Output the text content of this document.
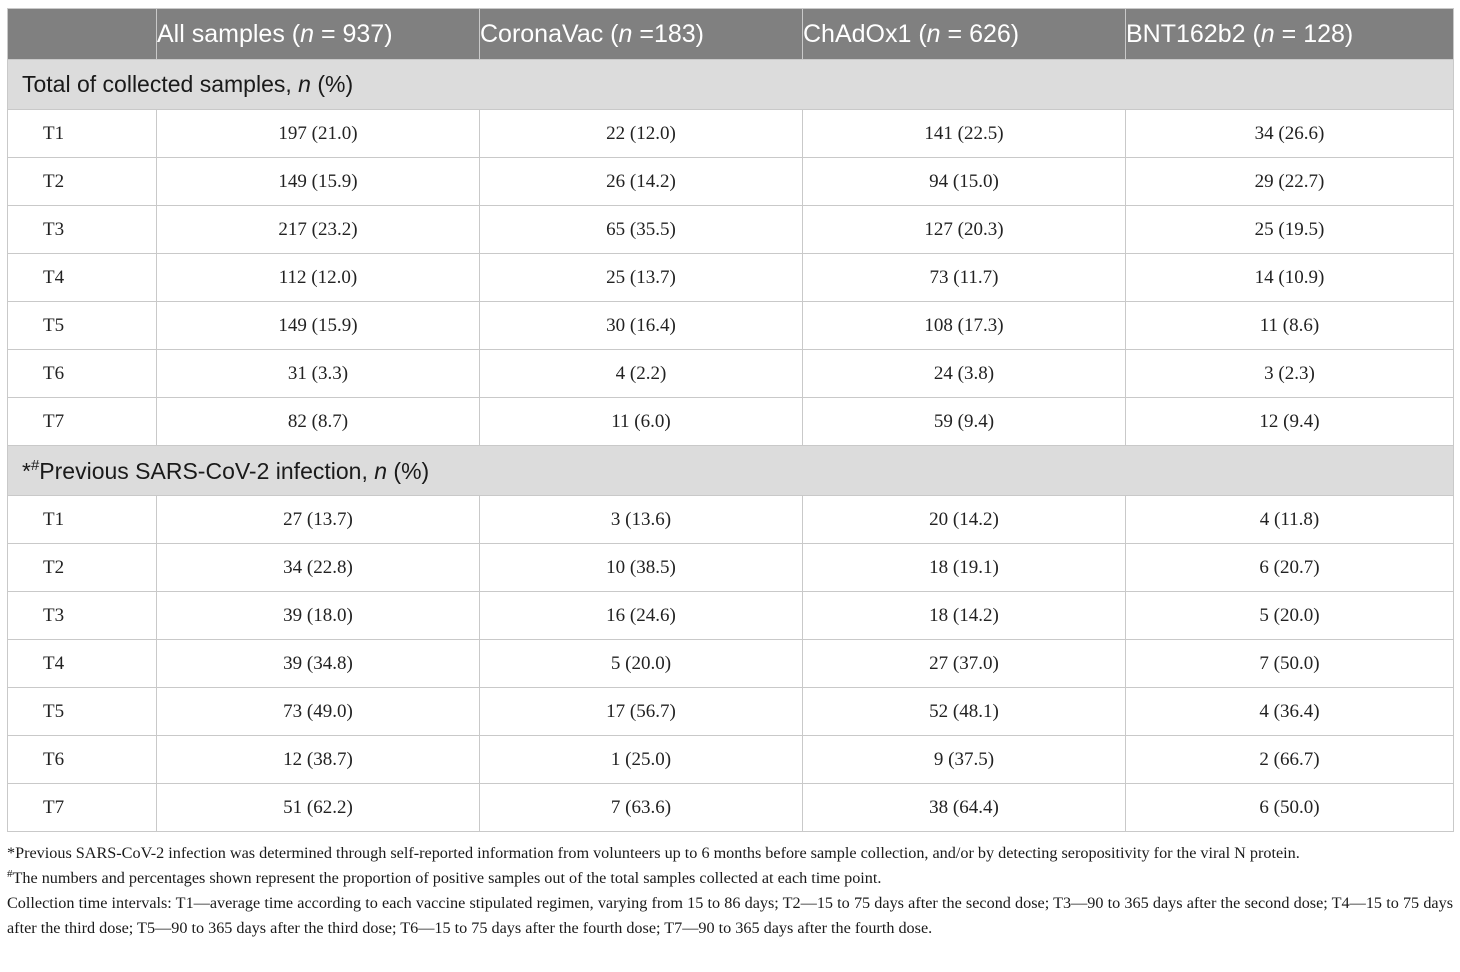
	All samples (n = 937)	CoronaVac (n =183)	ChAdOx1 (n = 626)	BNT162b2 (n = 128)
Total of collected samples, n (%)				
T1	197 (21.0)	22 (12.0)	141 (22.5)	34 (26.6)
T2	149 (15.9)	26 (14.2)	94 (15.0)	29 (22.7)
T3	217 (23.2)	65 (35.5)	127 (20.3)	25 (19.5)
T4	112 (12.0)	25 (13.7)	73 (11.7)	14 (10.9)
T5	149 (15.9)	30 (16.4)	108 (17.3)	11 (8.6)
T6	31 (3.3)	4 (2.2)	24 (3.8)	3 (2.3)
T7	82 (8.7)	11 (6.0)	59 (9.4)	12 (9.4)
*#Previous SARS-CoV-2 infection, n (%)				
T1	27 (13.7)	3 (13.6)	20 (14.2)	4 (11.8)
T2	34 (22.8)	10 (38.5)	18 (19.1)	6 (20.7)
T3	39 (18.0)	16 (24.6)	18 (14.2)	5 (20.0)
T4	39 (34.8)	5 (20.0)	27 (37.0)	7 (50.0)
T5	73 (49.0)	17 (56.7)	52 (48.1)	4 (36.4)
T6	12 (38.7)	1 (25.0)	9 (37.5)	2 (66.7)
T7	51 (62.2)	7 (63.6)	38 (64.4)	6 (50.0)

*Previous SARS-CoV-2 infection was determined through self-reported information from volunteers up to 6 months before sample collection, and/or by detecting seropositivity for the viral N protein.

#The numbers and percentages shown represent the proportion of positive samples out of the total samples collected at each time point.

Collection time intervals: T1—average time according to each vaccine stipulated regimen, varying from 15 to 86 days; T2—15 to 75 days after the second dose; T3—90 to 365 days after the second dose; T4—15 to 75 days after the third dose; T5—90 to 365 days after the third dose; T6—15 to 75 days after the fourth dose; T7—90 to 365 days after the fourth dose.
